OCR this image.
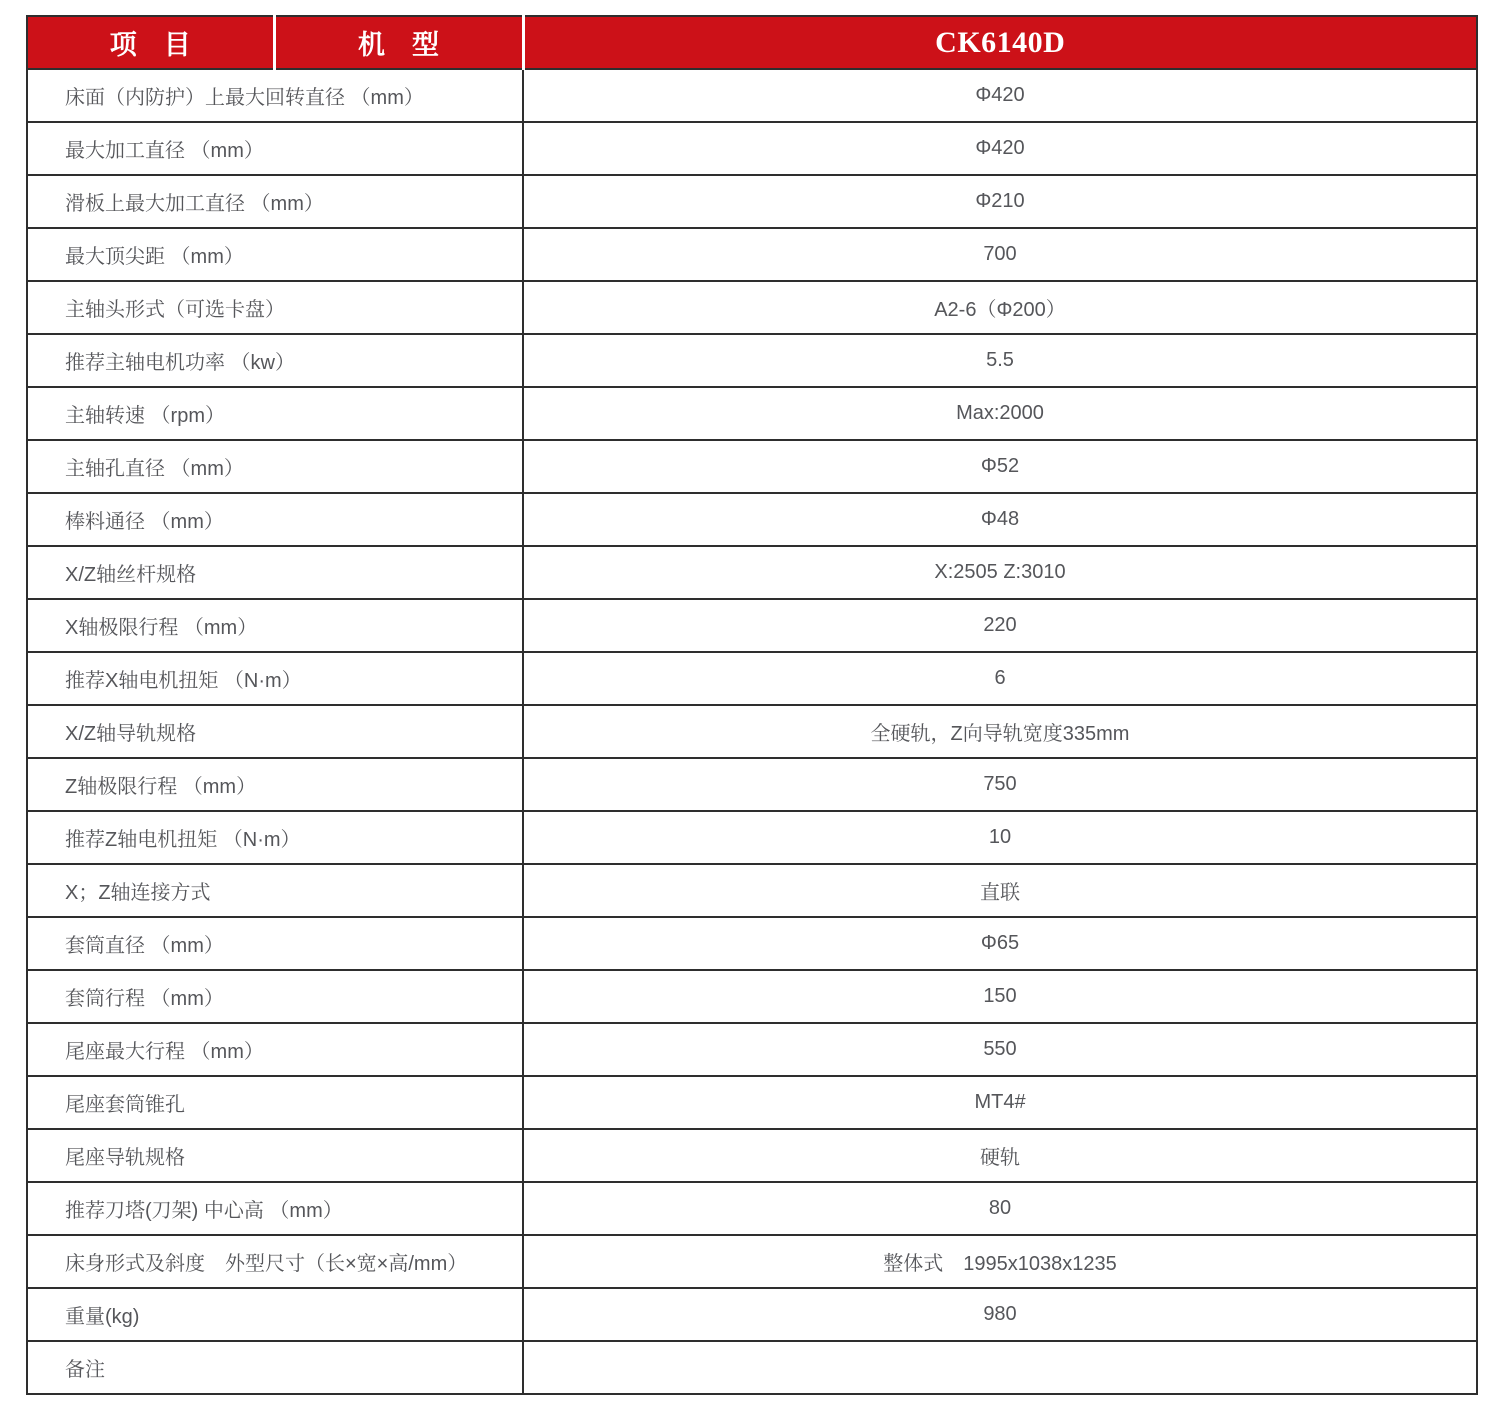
项　目	机　型	CK6140D
床面（内防护）上最大回转直径 （mm）		Φ420
最大加工直径 （mm）		Φ420
滑板上最大加工直径 （mm）		Φ210
最大顶尖距 （mm）		700
主轴头形式（可选卡盘）		A2-6（Φ200）
推荐主轴电机功率 （kw）		5.5
主轴转速 （rpm）		Max:2000
主轴孔直径 （mm）		Φ52
棒料通径 （mm）		Φ48
X/Z轴丝杆规格		X:2505 Z:3010
X轴极限行程 （mm）		220
推荐X轴电机扭矩 （N·m）		6
X/Z轴导轨规格		全硬轨，Z向导轨宽度335mm
Z轴极限行程 （mm）		750
推荐Z轴电机扭矩 （N·m）		10
X；Z轴连接方式		直联
套筒直径 （mm）		Φ65
套筒行程 （mm）		150
尾座最大行程 （mm）		550
尾座套筒锥孔		MT4#
尾座导轨规格		硬轨
推荐刀塔(刀架) 中心高 （mm）		80
床身形式及斜度　外型尺寸（长×宽×高/mm）		整体式　1995x1038x1235
重量(kg)		980
备注		
